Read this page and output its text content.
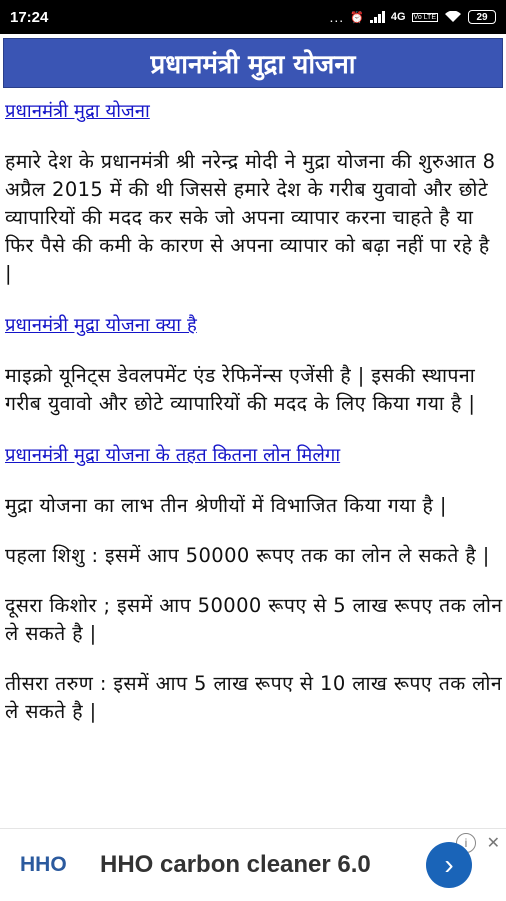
17:24	... ⏰ 4G Vo LTE	29
प्रधानमंत्री मुद्रा योजना
प्रधानमंत्री मुद्रा योजना

हमारे देश के प्रधानमंत्री श्री नरेन्द्र मोदी ने मुद्रा योजना की शुरुआत 8 अप्रैल 2015 में की थी जिससे हमारे देश के गरीब युवावो और छोटे व्यापारियों की मदद कर सके जो अपना व्यापार करना चाहते है या फिर पैसे की कमी के कारण से अपना व्यापार को बढ़ा नहीं पा रहे है |

प्रधानमंत्री मुद्रा योजना क्या है

माइक्रो यूनिट्स डेवलपमेंट एंड रेफिनेंन्स एजेंसी है | इसकी स्थापना गरीब युवावो और छोटे व्यापारियों की मदद के लिए किया गया है |

प्रधानमंत्री मुद्रा योजना के तहत कितना लोन मिलेगा

मुद्रा योजना का लाभ तीन श्रेणीयों में विभाजित किया गया है |

पहला शिशु : इसमें आप 50000 रूपए तक का लोन ले सकते है |

दूसरा किशोर ; इसमें आप 50000 रूपए से 5 लाख रूपए तक लोन ले सकते है |

तीसरा तरुण : इसमें आप 5 लाख रूपए से 10 लाख रूपए तक लोन ले सकते है |

HHO HHO carbon cleaner 6.0
i	✕
›
